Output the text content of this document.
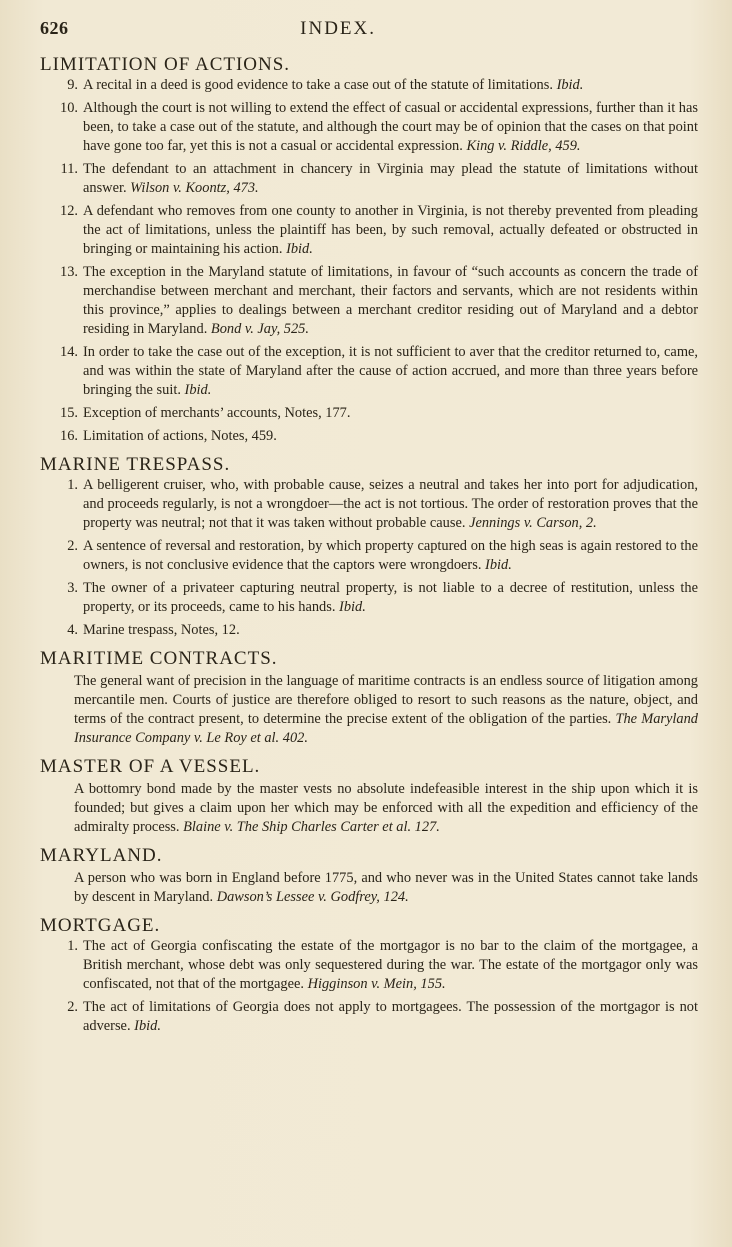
626	INDEX.
LIMITATION OF ACTIONS.
9. A recital in a deed is good evidence to take a case out of the statute of limitations. Ibid.
10. Although the court is not willing to extend the effect of casual or accidental expressions, further than it has been, to take a case out of the statute, and although the court may be of opinion that the cases on that point have gone too far, yet this is not a casual or accidental expression. King v. Riddle, 459.
11. The defendant to an attachment in chancery in Virginia may plead the statute of limitations without answer. Wilson v. Koontz, 473.
12. A defendant who removes from one county to another in Virginia, is not thereby prevented from pleading the act of limitations, unless the plaintiff has been, by such removal, actually defeated or obstructed in bringing or maintaining his action. Ibid.
13. The exception in the Maryland statute of limitations, in favour of “such accounts as concern the trade of merchandise between merchant and merchant, their factors and servants, which are not residents within this province,” applies to dealings between a merchant creditor residing out of Maryland and a debtor residing in Maryland. Bond v. Jay, 525.
14. In order to take the case out of the exception, it is not sufficient to aver that the creditor returned to, came, and was within the state of Maryland after the cause of action accrued, and more than three years before bringing the suit. Ibid.
15. Exception of merchants’ accounts, Notes, 177.
16. Limitation of actions, Notes, 459.
MARINE TRESPASS.
1. A belligerent cruiser, who, with probable cause, seizes a neutral and takes her into port for adjudication, and proceeds regularly, is not a wrongdoer—the act is not tortious. The order of restoration proves that the property was neutral; not that it was taken without probable cause. Jennings v. Carson, 2.
2. A sentence of reversal and restoration, by which property captured on the high seas is again restored to the owners, is not conclusive evidence that the captors were wrongdoers. Ibid.
3. The owner of a privateer capturing neutral property, is not liable to a decree of restitution, unless the property, or its proceeds, came to his hands. Ibid.
4. Marine trespass, Notes, 12.
MARITIME CONTRACTS.

The general want of precision in the language of maritime contracts is an endless source of litigation among mercantile men. Courts of justice are therefore obliged to resort to such reasons as the nature, object, and terms of the contract present, to determine the precise extent of the obligation of the parties. The Maryland Insurance Company v. Le Roy et al. 402.

MASTER OF A VESSEL.

A bottomry bond made by the master vests no absolute indefeasible interest in the ship upon which it is founded; but gives a claim upon her which may be enforced with all the expedition and efficiency of the admiralty process. Blaine v. The Ship Charles Carter et al. 127.

MARYLAND.

A person who was born in England before 1775, and who never was in the United States cannot take lands by descent in Maryland. Dawson’s Lessee v. Godfrey, 124.

MORTGAGE.
1. The act of Georgia confiscating the estate of the mortgagor is no bar to the claim of the mortgagee, a British merchant, whose debt was only sequestered during the war. The estate of the mortgagor only was confiscated, not that of the mortgagee. Higginson v. Mein, 155.
2. The act of limitations of Georgia does not apply to mortgagees. The possession of the mortgagor is not adverse. Ibid.
